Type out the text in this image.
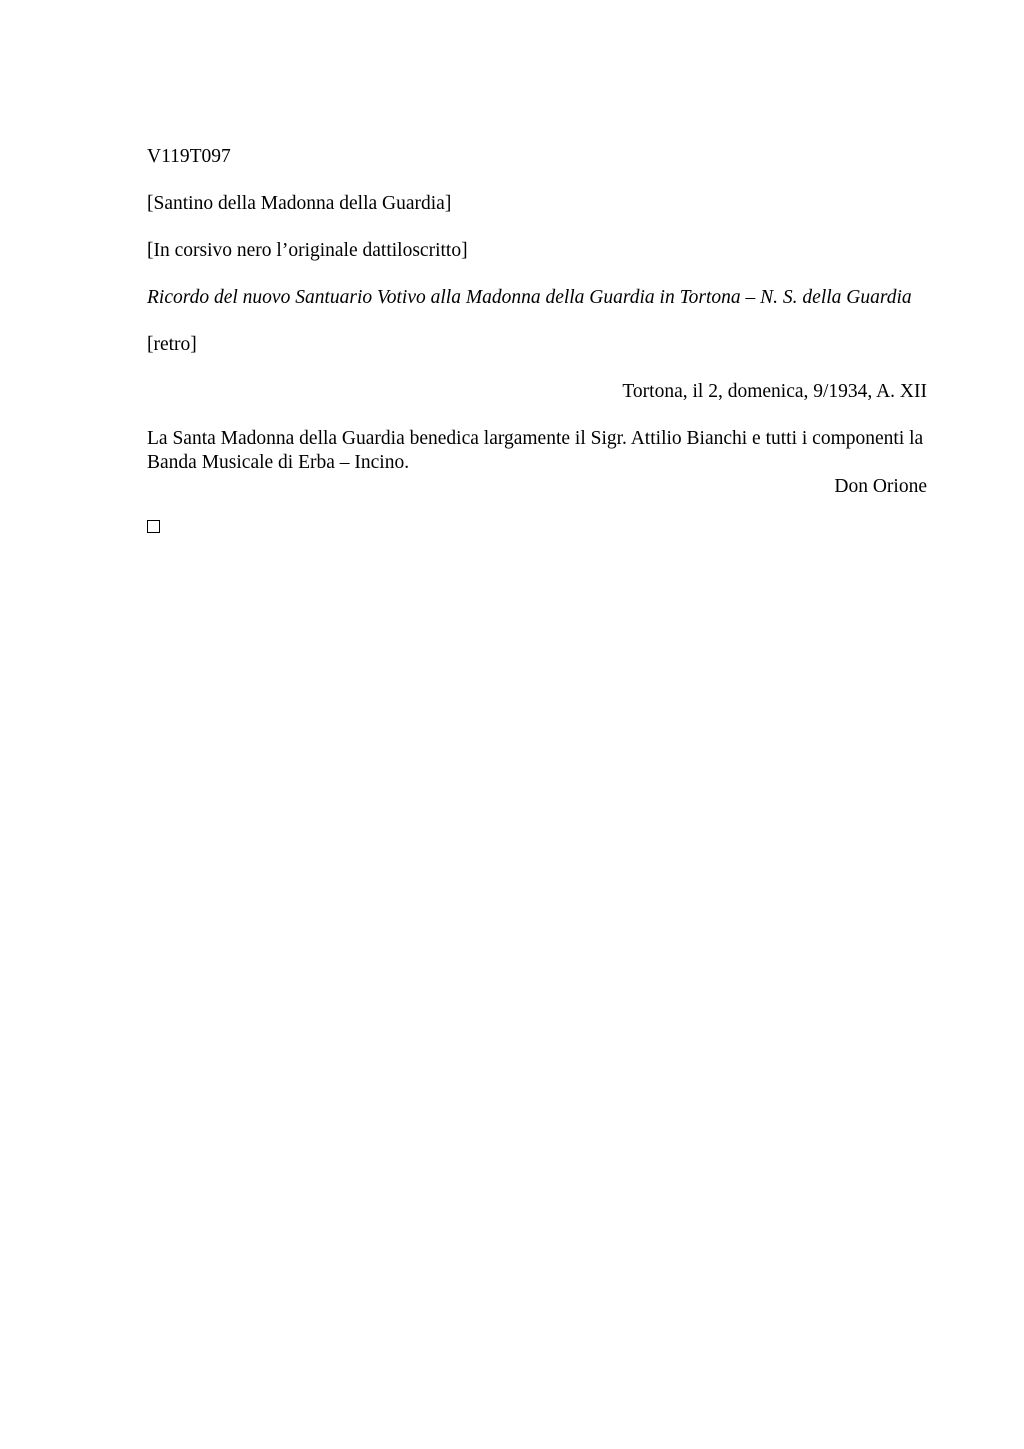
V119T097

[Santino della Madonna della Guardia]

[In corsivo nero l’originale dattiloscritto]

Ricordo del nuovo Santuario Votivo alla Madonna della Guardia in Tortona – N. S. della Guardia

[retro]

Tortona, il 2, domenica, 9/1934, A. XII

La Santa Madonna della Guardia benedica largamente il Sigr. Attilio Bianchi e tutti i componenti la Banda Musicale di Erba – Incino.

Don Orione
